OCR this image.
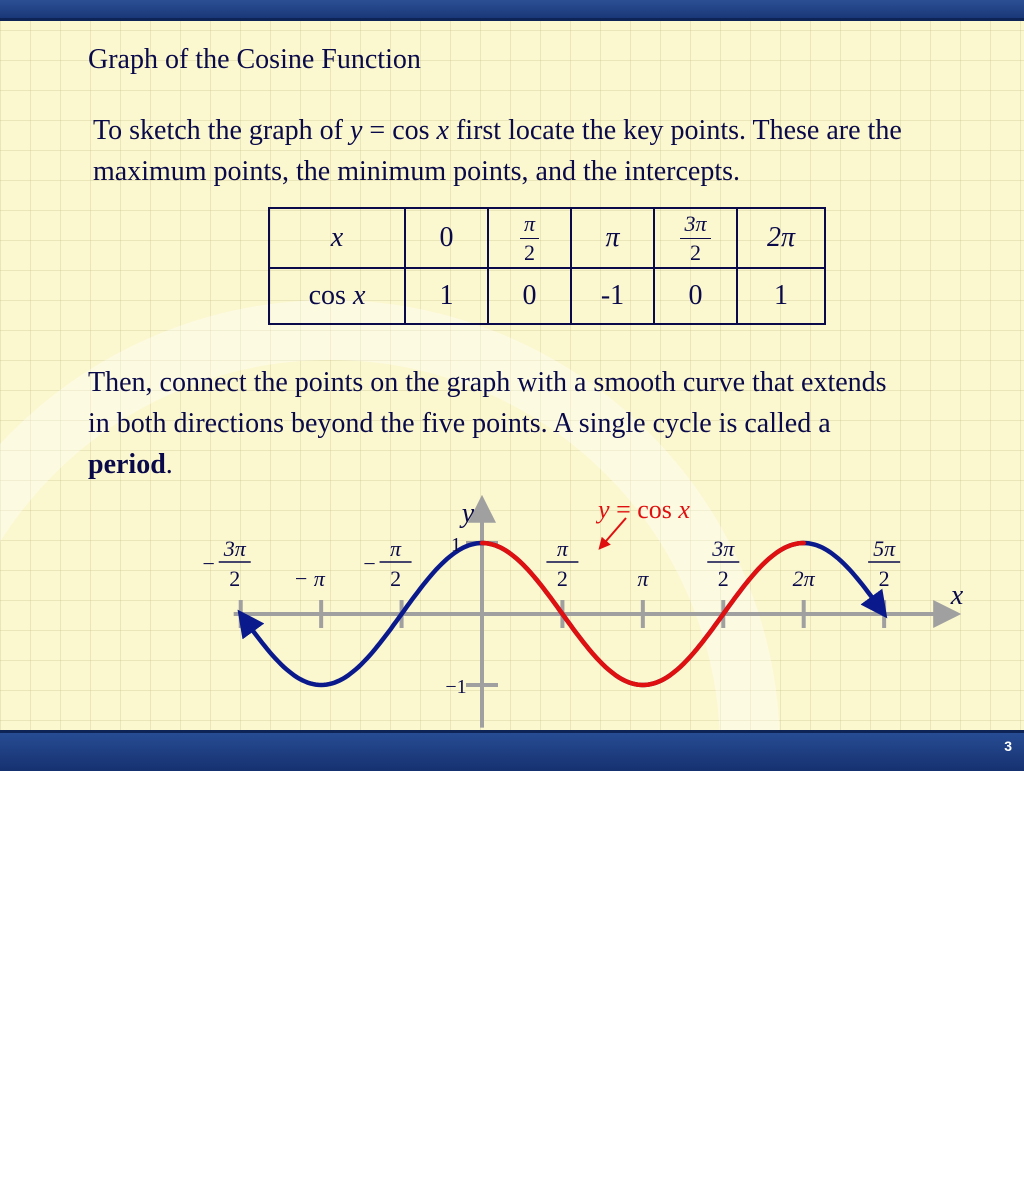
Graph of the Cosine Function
To sketch the graph of y = cos x first locate the key points. These are the maximum points, the minimum points, and the intercepts.
x	0	$\frac{\pi}{2}$	π	$\frac{3\pi}{2}$	2π
cos x	1	0	-1	0	1
Then, connect the points on the graph with a smooth curve that extends in both directions beyond the five points. A single cycle is called a period.
−
3π
2 − π
−
π
2
π
2	π
3π
2	2π
5π
2
1
−1
y
x
y = cos x
3
